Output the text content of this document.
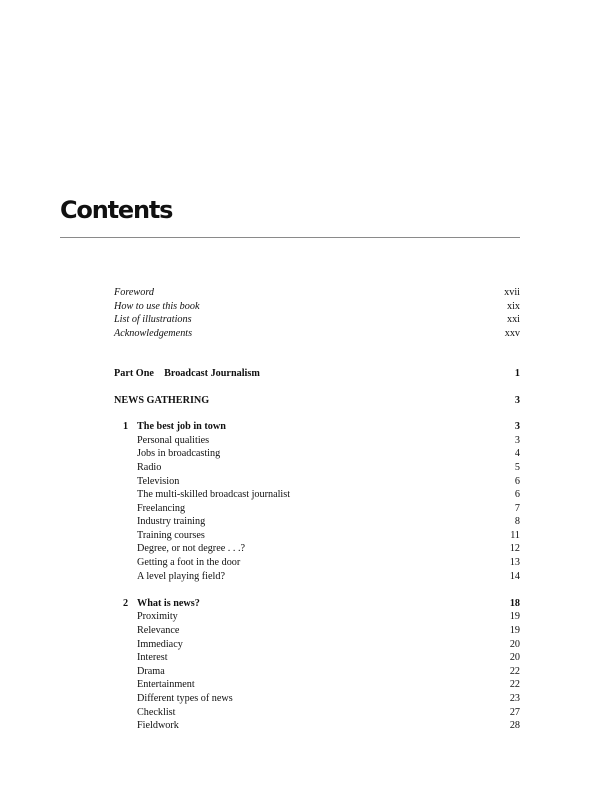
Contents
Foreword	xvii
How to use this book	xix
List of illustrations	xxi
Acknowledgements	xxv
Part One Broadcast Journalism	1
NEWS GATHERING	3
1 The best job in town	3
Personal qualities	3
Jobs in broadcasting	4
Radio	5
Television	6
The multi-skilled broadcast journalist	6
Freelancing	7
Industry training	8
Training courses	11
Degree, or not degree . . .?	12
Getting a foot in the door	13
A level playing field?	14
2 What is news?	18
Proximity	19
Relevance	19
Immediacy	20
Interest	20
Drama	22
Entertainment	22
Different types of news	23
Checklist	27
Fieldwork	28
